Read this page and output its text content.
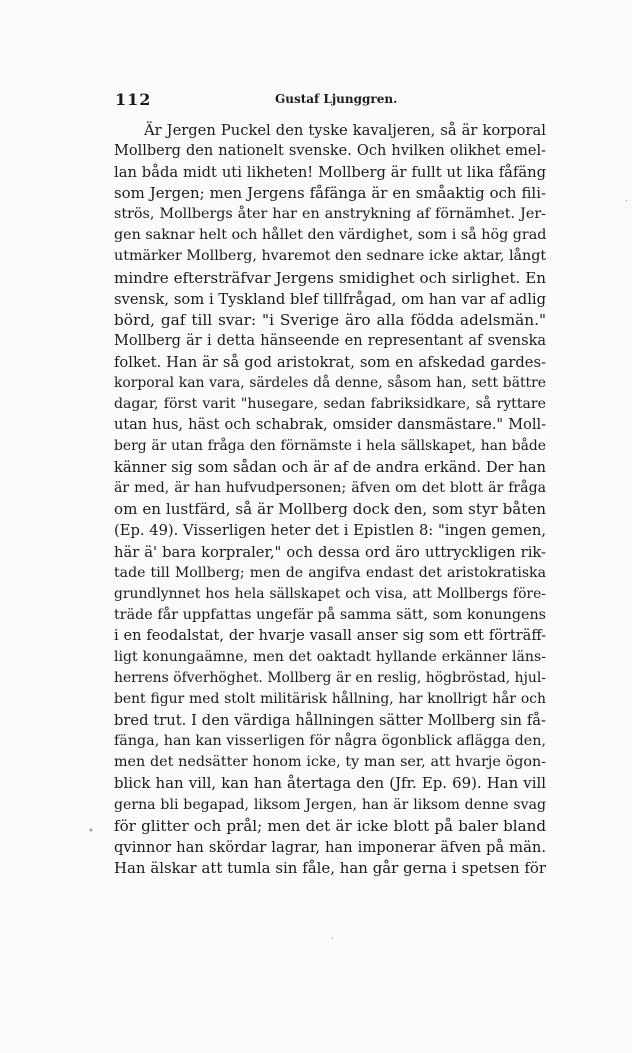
112	Gustaf Ljunggren.
Är Jergen Puckel den tyske kavaljeren, så är korporal
Mollberg den nationelt svenske. Och hvilken olikhet emel-
lan båda midt uti likheten! Mollberg är fullt ut lika fåfäng
som Jergen; men Jergens fåfänga är en småaktig och fili-
strös, Mollbergs åter har en anstrykning af förnämhet. Jer-
gen saknar helt och hållet den värdighet, som i så hög grad
utmärker Mollberg, hvaremot den sednare icke aktar, långt
mindre eftersträfvar Jergens smidighet och sirlighet. En
svensk, som i Tyskland blef tillfrågad, om han var af adlig
börd, gaf till svar: "i Sverige äro alla födda adelsmän."
Mollberg är i detta hänseende en representant af svenska
folket. Han är så god aristokrat, som en afskedad gardes-
korporal kan vara, särdeles då denne, såsom han, sett bättre
dagar, först varit "husegare, sedan fabriksidkare, så ryttare
utan hus, häst och schabrak, omsider dansmästare." Moll-
berg är utan fråga den förnämste i hela sällskapet, han både
känner sig som sådan och är af de andra erkänd. Der han
är med, är han hufvudpersonen; äfven om det blott är fråga
om en lustfärd, så är Mollberg dock den, som styr båten
(Ep. 49). Visserligen heter det i Epistlen 8: "ingen gemen,
här ä' bara korpraler," och dessa ord äro uttryckligen rik-
tade till Mollberg; men de angifva endast det aristokratiska
grundlynnet hos hela sällskapet och visa, att Mollbergs före-
träde får uppfattas ungefär på samma sätt, som konungens
i en feodalstat, der hvarje vasall anser sig som ett förträff-
ligt konungaämne, men det oaktadt hyllande erkänner läns-
herrens öfverhöghet. Mollberg är en reslig, högbröstad, hjul-
bent figur med stolt militärisk hållning, har knollrigt hår och
bred trut. I den värdiga hållningen sätter Mollberg sin få-
fänga, han kan visserligen för några ögonblick aflägga den,
men det nedsätter honom icke, ty man ser, att hvarje ögon-
blick han vill, kan han återtaga den (Jfr. Ep. 69). Han vill
gerna bli begapad, liksom Jergen, han är liksom denne svag
för glitter och prål; men det är icke blott på baler bland
qvinnor han skördar lagrar, han imponerar äfven på män.
Han älskar att tumla sin fåle, han går gerna i spetsen för
·
•
·
